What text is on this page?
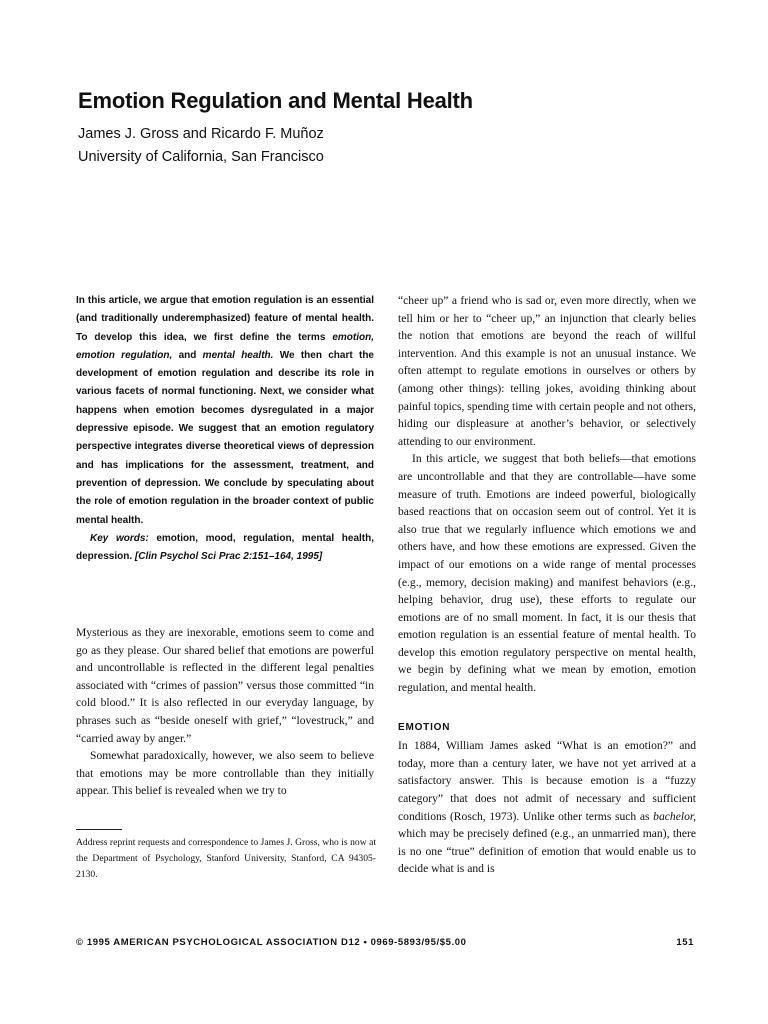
Emotion Regulation and Mental Health
James J. Gross and Ricardo F. Muñoz
University of California, San Francisco

In this article, we argue that emotion regulation is an essential (and traditionally underemphasized) feature of mental health. To develop this idea, we first define the terms emotion, emotion regulation, and mental health. We then chart the development of emotion regulation and describe its role in various facets of normal functioning. Next, we consider what happens when emotion becomes dysregulated in a major depressive episode. We suggest that an emotion regulatory perspective integrates diverse theoretical views of depression and has implications for the assessment, treatment, and prevention of depression. We conclude by speculating about the role of emotion regulation in the broader context of public mental health.

Key words: emotion, mood, regulation, mental health, depression. [Clin Psychol Sci Prac 2:151–164, 1995]

Mysterious as they are inexorable, emotions seem to come and go as they please. Our shared belief that emotions are powerful and uncontrollable is reflected in the different legal penalties associated with “crimes of passion” versus those committed “in cold blood.” It is also reflected in our everyday language, by phrases such as “beside oneself with grief,” “lovestruck,” and “carried away by anger.”

Somewhat paradoxically, however, we also seem to believe that emotions may be more controllable than they initially appear. This belief is revealed when we try to

Address reprint requests and correspondence to James J. Gross, who is now at the Department of Psychology, Stanford University, Stanford, CA 94305-2130.

“cheer up” a friend who is sad or, even more directly, when we tell him or her to “cheer up,” an injunction that clearly belies the notion that emotions are beyond the reach of willful intervention. And this example is not an unusual instance. We often attempt to regulate emotions in ourselves or others by (among other things): telling jokes, avoiding thinking about painful topics, spending time with certain people and not others, hiding our displeasure at another’s behavior, or selectively attending to our environment.

In this article, we suggest that both beliefs—that emotions are uncontrollable and that they are controllable—have some measure of truth. Emotions are indeed powerful, biologically based reactions that on occasion seem out of control. Yet it is also true that we regularly influence which emotions we and others have, and how these emotions are expressed. Given the impact of our emotions on a wide range of mental processes (e.g., memory, decision making) and manifest behaviors (e.g., helping behavior, drug use), these efforts to regulate our emotions are of no small moment. In fact, it is our thesis that emotion regulation is an essential feature of mental health. To develop this emotion regulatory perspective on mental health, we begin by defining what we mean by emotion, emotion regulation, and mental health.

EMOTION

In 1884, William James asked “What is an emotion?” and today, more than a century later, we have not yet arrived at a satisfactory answer. This is because emotion is a “fuzzy category” that does not admit of necessary and sufficient conditions (Rosch, 1973). Unlike other terms such as bachelor, which may be precisely defined (e.g., an unmarried man), there is no one “true” definition of emotion that would enable us to decide what is and is

© 1995 AMERICAN PSYCHOLOGICAL ASSOCIATION D12 • 0969-5893/95/$5.00	151
